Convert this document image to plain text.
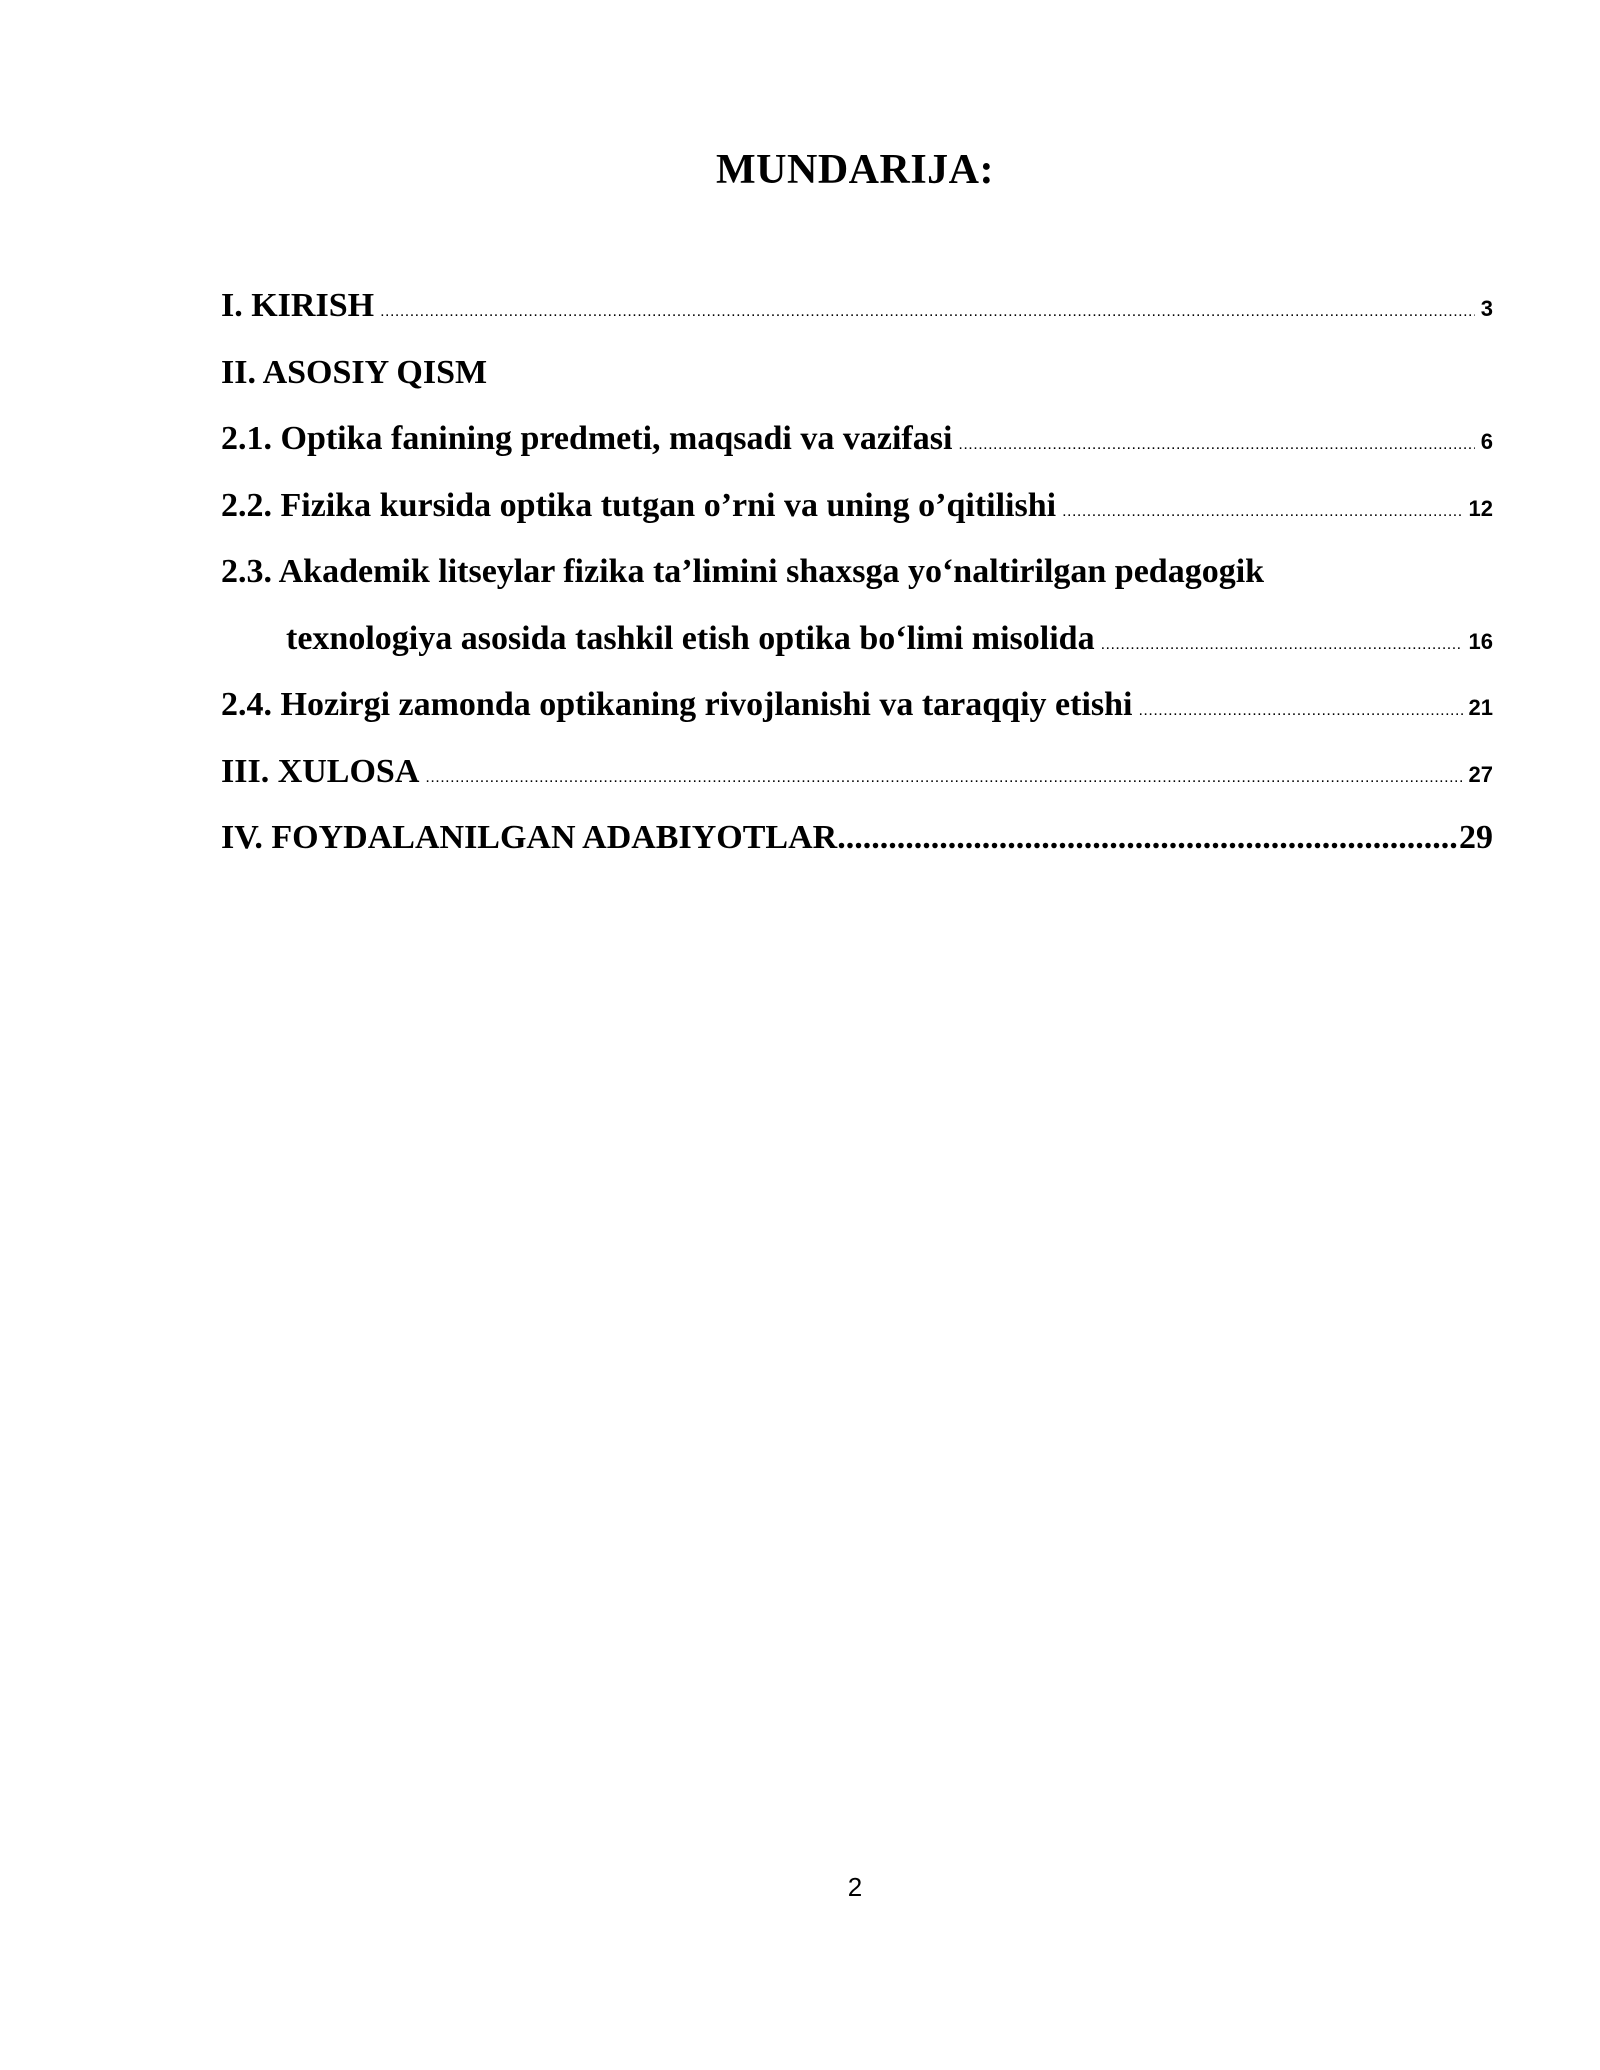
MUNDARIJA:
I. KIRISH .....	3
II. ASOSIY QISM
2.1. Optika fanining predmeti, maqsadi va vazifasi .....	6
2.2. Fizika kursida optika tutgan o’rni va uning o’qitilishi .....	12
2.3. Akademik litseylar fizika ta’limini shaxsga yo‘naltirilgan pedagogik
texnologiya asosida tashkil etish optika bo‘limi misolida .....	16
2.4. Hozirgi zamonda optikaning rivojlanishi va taraqqiy etishi .....	21
III. XULOSA .....	27
IV. FOYDALANILGAN ADABIYOTLAR .....	29
2
